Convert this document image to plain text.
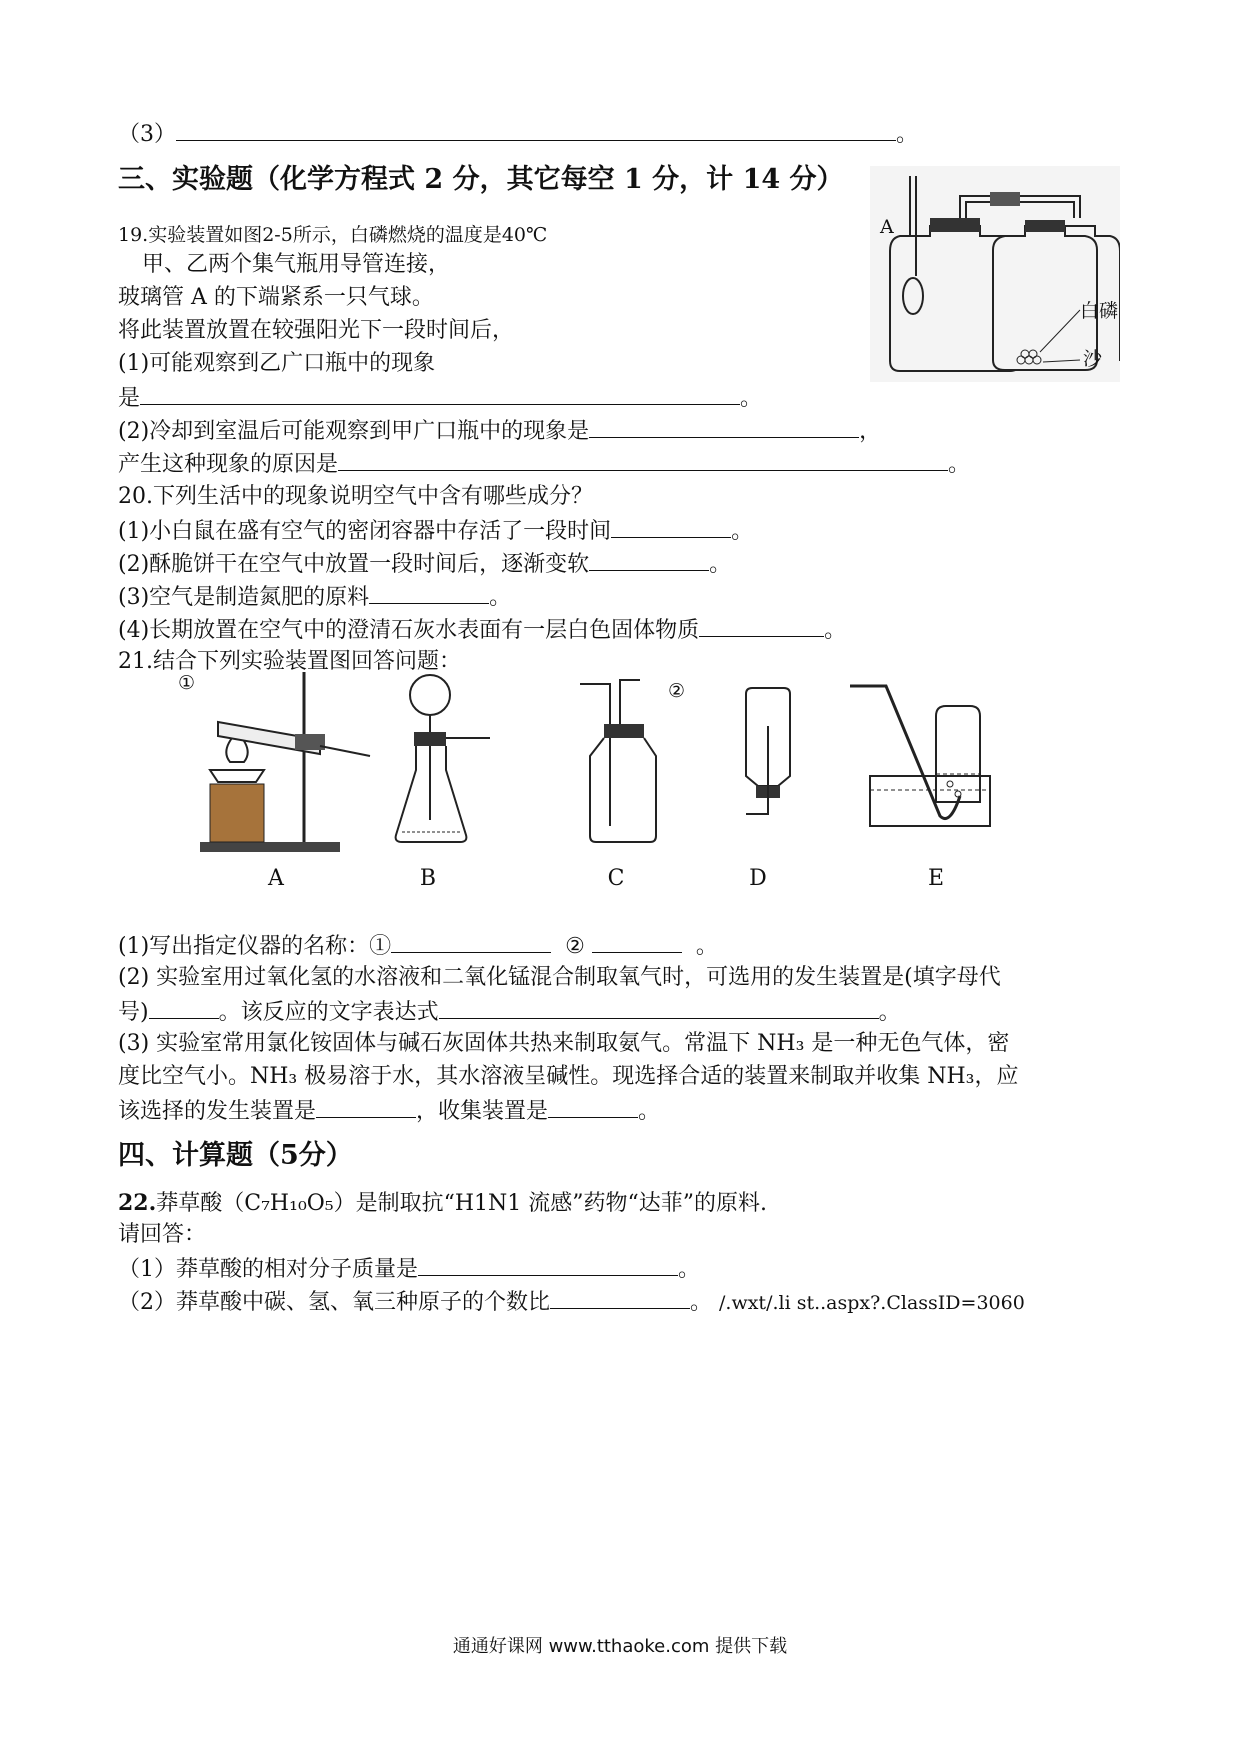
（3）	。
三、实验题（化学方程式 2 分，其它每空 1 分，计 14 分）
A
白磷
沙
19.实验装置如图2-5所示，白磷燃烧的温度是40℃
甲、乙两个集气瓶用导管连接，
玻璃管 A 的下端紧系一只气球。
将此装置放置在较强阳光下一段时间后，
(1)可能观察到乙广口瓶中的现象
是	。
(2)冷却到室温后可能观察到甲广口瓶中的现象是	，
产生这种现象的原因是	。
20.下列生活中的现象说明空气中含有哪些成分？
(1)小白鼠在盛有空气的密闭容器中存活了一段时间	。
(2)酥脆饼干在空气中放置一段时间后，逐渐变软	。
(3)空气是制造氮肥的原料	。
(4)长期放置在空气中的澄清石灰水表面有一层白色固体物质	。
21.结合下列实验装置图回答问题：
①	②
A	B	C	D	E
(1)写出指定仪器的名称：①	②	。
(2) 实验室用过氧化氢的水溶液和二氧化锰混合制取氧气时，可选用的发生装置是(填字母代
号)	。该反应的文字表达式	。
(3) 实验室常用氯化铵固体与碱石灰固体共热来制取氨气。常温下 NH₃ 是一种无色气体，密
度比空气小。NH₃ 极易溶于水，其水溶液呈碱性。现选择合适的装置来制取并收集 NH₃，应
该选择的发生装置是	，收集装置是	。
四、计算题（5分）
22.莽草酸（C₇H₁₀O₅）是制取抗“H1N1 流感”药物“达菲”的原料.
请回答：
（1）莽草酸的相对分子质量是	。
（2）莽草酸中碳、氢、氧三种原子的个数比	。 /.wxt/.li st..aspx?.ClassID=3060
通通好课网 www.tthaoke.com 提供下载
